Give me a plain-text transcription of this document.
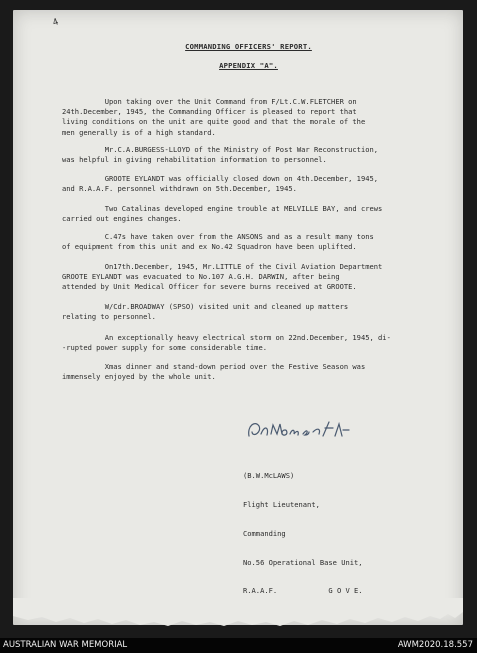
4
COMMANDING OFFICERS' REPORT.
APPENDIX "A".
Upon taking over the Unit Command from F/Lt.C.W.FLETCHER on
24th.December, 1945, the Commanding Officer is pleased to report that
living conditions on the unit are quite good and that the morale of the
men generally is of a high standard.
Mr.C.A.BURGESS-LLOYD of the Ministry of Post War Reconstruction,
was helpful in giving rehabilitation information to personnel.
GROOTE EYLANDT was officially closed down on 4th.December, 1945,
and R.A.A.F. personnel withdrawn on 5th.December, 1945.
Two Catalinas developed engine trouble at MELVILLE BAY, and crews
carried out engines changes.
C.47s have taken over from the ANSONS and as a result many tons
of equipment from this unit and ex No.42 Squadron have been uplifted.
On17th.December, 1945, Mr.LITTLE of the Civil Aviation Department
GROOTE EYLANDT was evacuated to No.107 A.G.H. DARWIN, after being
attended by Unit Medical Officer for severe burns received at GROOTE.
W/Cdr.BROADWAY (SPSO) visited unit and cleaned up matters
relating to personnel.
An exceptionally heavy electrical storm on 22nd.December, 1945, di-
-rupted power supply for some considerable time.
Xmas dinner and stand-down period over the Festive Season was
immensely enjoyed by the whole unit.

(B.W.McLAWS)

Flight Lieutenant,

Commanding

No.56 Operational Base Unit,

R.A.A.F.            G O V E.

AUSTRALIAN WAR MEMORIAL	AWM2020.18.557
